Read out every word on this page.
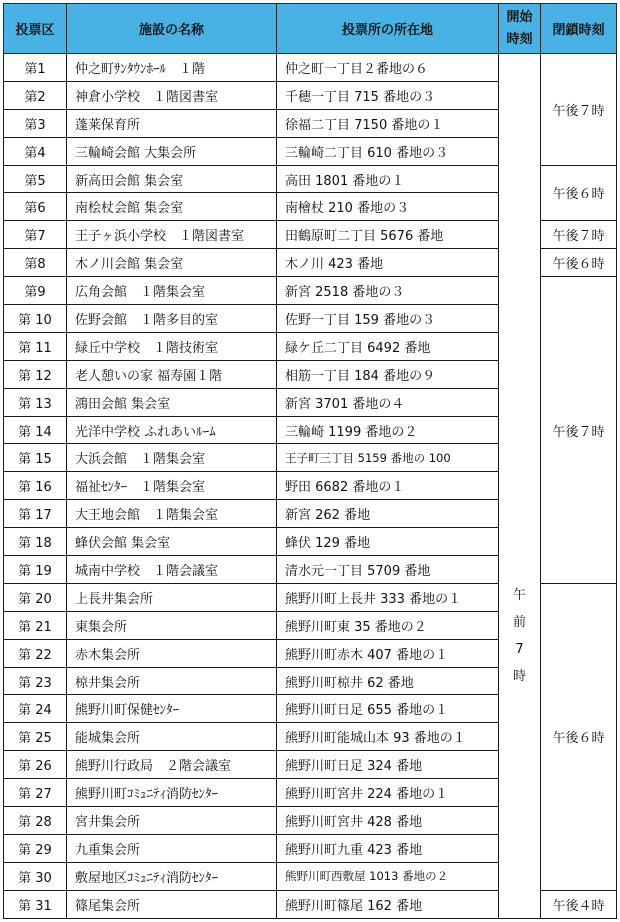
投票区	施設の名称	投票所の所在地	開始時刻	閉鎖時刻
第1	仲之町ｻﾝﾀｳﾝﾎｰﾙ　１階	仲之町一丁目２番地の６	午前7時	午後７時
第2	神倉小学校　１階図書室	千穂一丁目 715 番地の３		
第3	蓬莱保育所	徐福二丁目 7150 番地の１		
第4	三輪崎会館 大集会所	三輪崎二丁目 610 番地の３		
第5	新高田会館 集会室	高田 1801 番地の１		午後６時
第6	南桧杖会館 集会室	南檜杖 210 番地の３		
第7	王子ヶ浜小学校　１階図書室	田鶴原町二丁目 5676 番地		午後７時
第8	木ノ川会館 集会室	木ノ川 423 番地		午後６時
第9	広角会館　１階集会室	新宮 2518 番地の３		午後７時
第 10	佐野会館　１階多目的室	佐野一丁目 159 番地の３		
第 11	緑丘中学校　１階技術室	緑ケ丘二丁目 6492 番地		
第 12	老人憩いの家 福寿園１階	相筋一丁目 184 番地の９		
第 13	鴻田会館 集会室	新宮 3701 番地の４		
第 14	光洋中学校 ふれあいﾙｰﾑ	三輪崎 1199 番地の２		
第 15	大浜会館　１階集会室	王子町三丁目 5159 番地の 100		
第 16	福祉ｾﾝﾀｰ　１階集会室	野田 6682 番地の１		
第 17	大王地会館　１階集会室	新宮 262 番地		
第 18	蜂伏会館 集会室	蜂伏 129 番地		
第 19	城南中学校　１階会議室	清水元一丁目 5709 番地		
第 20	上長井集会所	熊野川町上長井 333 番地の１		午後６時
第 21	東集会所	熊野川町東 35 番地の２		
第 22	赤木集会所	熊野川町赤木 407 番地の１		
第 23	椋井集会所	熊野川町椋井 62 番地		
第 24	熊野川町保健ｾﾝﾀｰ	熊野川町日足 655 番地の１		
第 25	能城集会所	熊野川町能城山本 93 番地の１		
第 26	熊野川行政局　２階会議室	熊野川町日足 324 番地		
第 27	熊野川町ｺﾐｭﾆﾃｨ消防ｾﾝﾀｰ	熊野川町宮井 224 番地の１		
第 28	宮井集会所	熊野川町宮井 428 番地		
第 29	九重集会所	熊野川町九重 423 番地		
第 30	敷屋地区ｺﾐｭﾆﾃｨ消防ｾﾝﾀｰ	熊野川町西敷屋 1013 番地の２		
第 31	篠尾集会所	熊野川町篠尾 162 番地		午後４時
